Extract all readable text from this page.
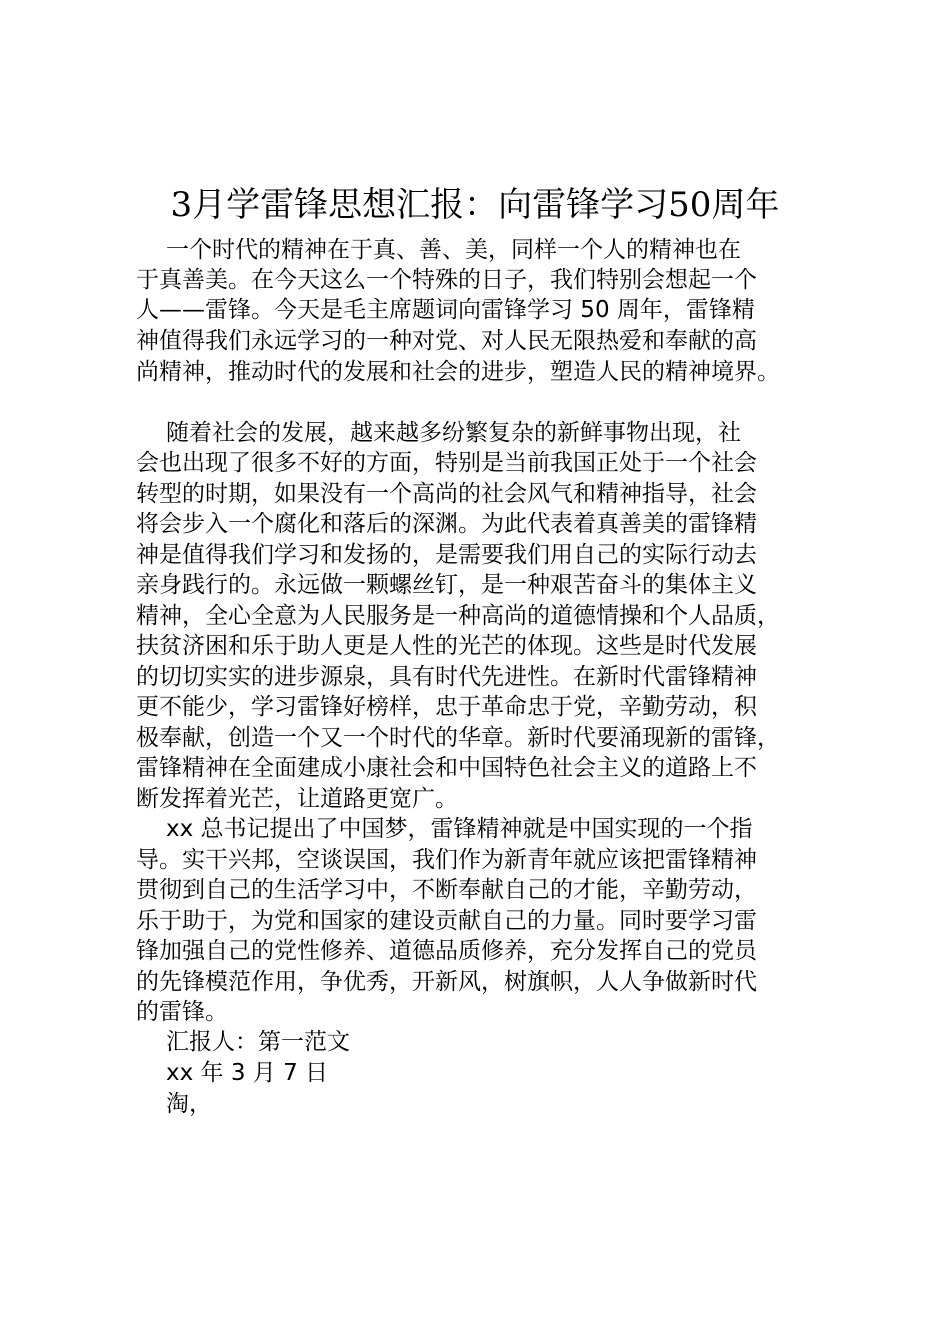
3月学雷锋思想汇报：向雷锋学习50周年

一个时代的精神在于真、善、美，同样一个人的精神也在

于真善美。在今天这么一个特殊的日子，我们特别会想起一个

人——雷锋。今天是毛主席题词向雷锋学习 50 周年，雷锋精

神值得我们永远学习的一种对党、对人民无限热爱和奉献的高

尚精神，推动时代的发展和社会的进步，塑造人民的精神境界。

随着社会的发展，越来越多纷繁复杂的新鲜事物出现，社

会也出现了很多不好的方面，特别是当前我国正处于一个社会

转型的时期，如果没有一个高尚的社会风气和精神指导，社会

将会步入一个腐化和落后的深渊。为此代表着真善美的雷锋精

神是值得我们学习和发扬的，是需要我们用自己的实际行动去

亲身践行的。永远做一颗螺丝钉，是一种艰苦奋斗的集体主义

精神，全心全意为人民服务是一种高尚的道德情操和个人品质，

扶贫济困和乐于助人更是人性的光芒的体现。这些是时代发展

的切切实实的进步源泉，具有时代先进性。在新时代雷锋精神

更不能少，学习雷锋好榜样，忠于革命忠于党，辛勤劳动，积

极奉献，创造一个又一个时代的华章。新时代要涌现新的雷锋，

雷锋精神在全面建成小康社会和中国特色社会主义的道路上不

断发挥着光芒，让道路更宽广。

xx 总书记提出了中国梦，雷锋精神就是中国实现的一个指

导。实干兴邦，空谈误国，我们作为新青年就应该把雷锋精神

贯彻到自己的生活学习中，不断奉献自己的才能，辛勤劳动，

乐于助于，为党和国家的建设贡献自己的力量。同时要学习雷

锋加强自己的党性修养、道德品质修养，充分发挥自己的党员

的先锋模范作用，争优秀，开新风，树旗帜，人人争做新时代

的雷锋。

汇报人：第一范文

xx 年 3 月 7 日

淘，
